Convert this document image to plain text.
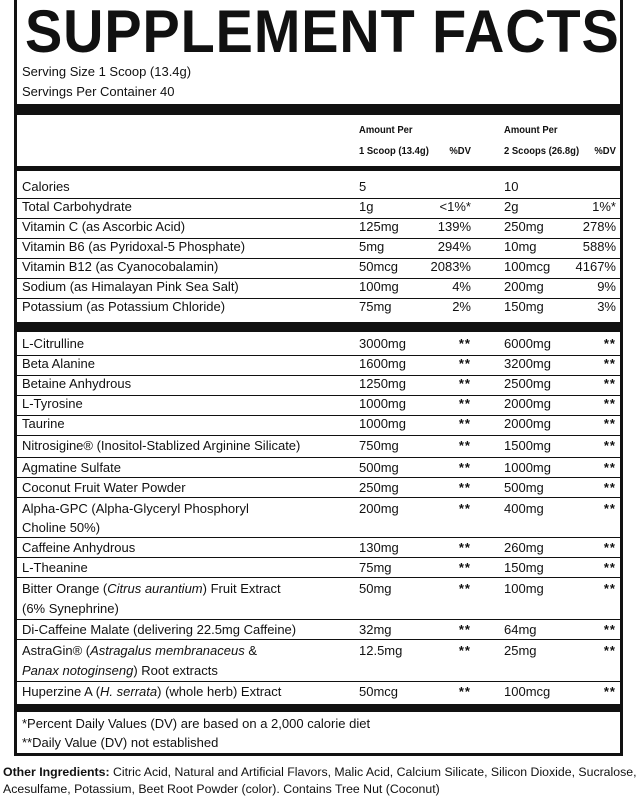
SUPPLEMENT FACTS
Serving Size 1 Scoop (13.4g)
Servings Per Container 40
Amount Per
1 Scoop (13.4g) %DV
Amount Per
2 Scoops (26.8g) %DV
Calories	5	10
Total Carbohydrate	1g	<1%*	2g	1%*
Vitamin C (as Ascorbic Acid)	125mg	139%	250mg	278%
Vitamin B6 (as Pyridoxal-5 Phosphate)	5mg	294%	10mg	588%
Vitamin B12 (as Cyanocobalamin)	50mcg 2083%	100mcg 4167%
Sodium (as Himalayan Pink Sea Salt)	100mg	4%	200mg	9%
Potassium (as Potassium Chloride)	75mg	2%	150mg	3%
L-Citrulline	3000mg	**	6000mg	**
Beta Alanine	1600mg	**	3200mg	**
Betaine Anhydrous	1250mg	**	2500mg	**
L-Tyrosine	1000mg	**	2000mg	**
Taurine	1000mg	**	2000mg	**
Nitrosigine® (Inositol-Stablized Arginine Silicate)	750mg	**	1500mg	**
Agmatine Sulfate	500mg	**	1000mg	**
Coconut Fruit Water Powder	250mg	**	500mg	**
Alpha-GPC (Alpha-Glyceryl Phosphoryl
Choline 50%)
200mg	**	400mg	**
Caffeine Anhydrous	130mg	**	260mg	**
L-Theanine	75mg	**	150mg	**
Bitter Orange (Citrus aurantium) Fruit Extract
(6% Synephrine)
50mg	**	100mg	**
Di-Caffeine Malate (delivering 22.5mg Caffeine)	32mg	**	64mg	**
AstraGin® (Astragalus membranaceus &
Panax notoginseng) Root extracts
12.5mg	**	25mg	**
Huperzine A (H. serrata) (whole herb) Extract	50mcg	**	100mcg	**
*Percent Daily Values (DV) are based on a 2,000 calorie diet
**Daily Value (DV) not established
Other Ingredients: Citric Acid, Natural and Artificial Flavors, Malic Acid, Calcium Silicate, Silicon Dioxide, Sucralose, Acesulfame, Potassium, Beet Root Powder (color). Contains Tree Nut (Coconut)
